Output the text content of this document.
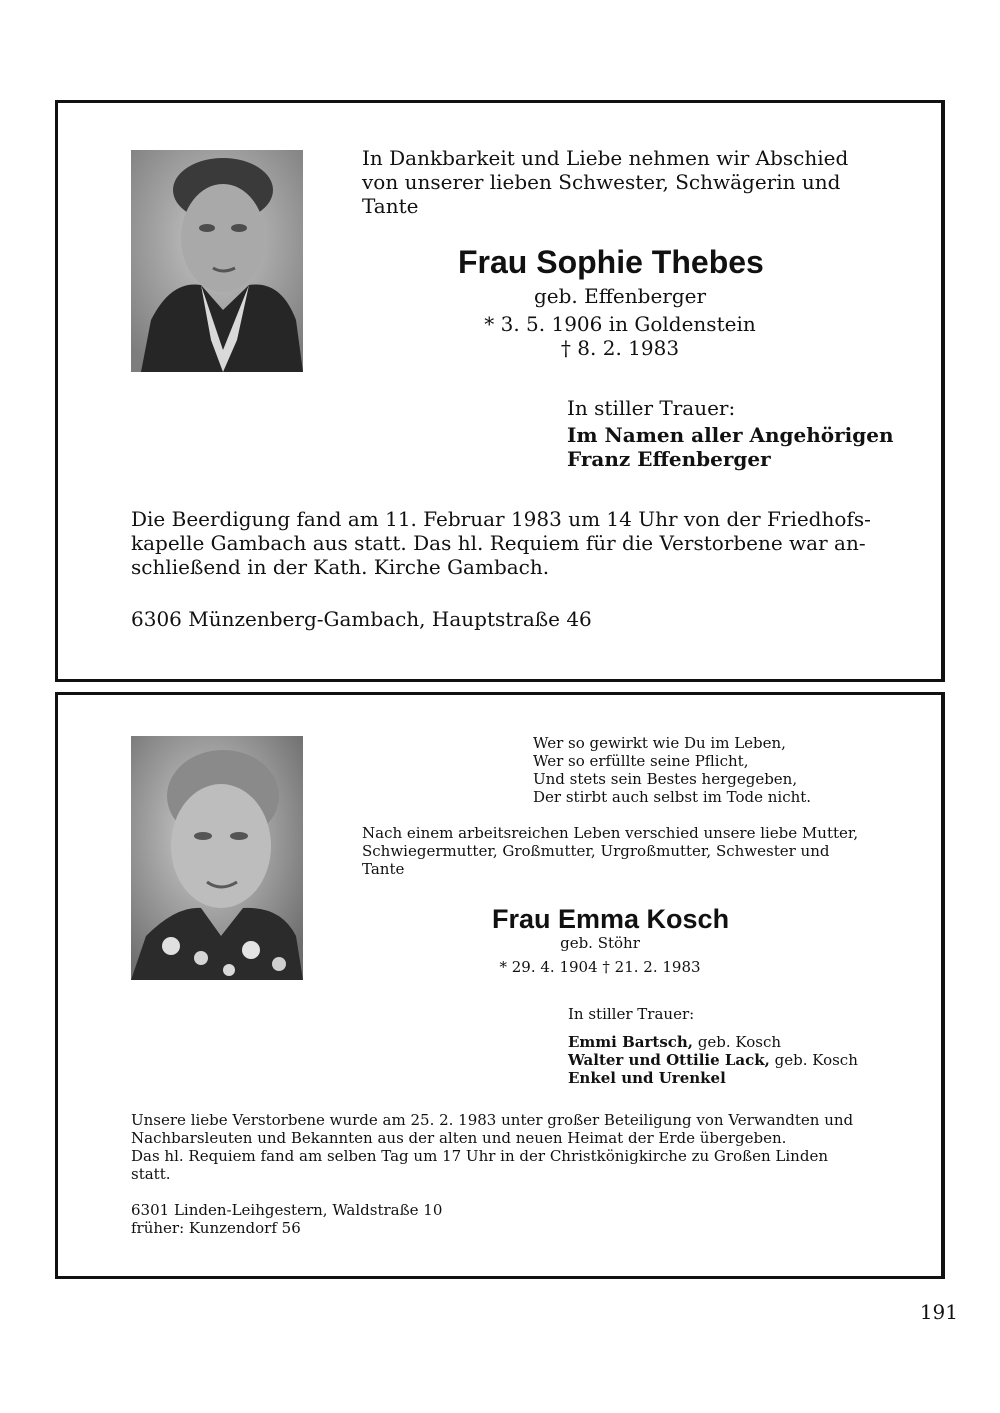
In Dankbarkeit und Liebe nehmen wir Abschied
von unserer lieben Schwester, Schwägerin und
Tante
Frau Sophie Thebes
geb. Effenberger
* 3. 5. 1906 in Goldenstein
† 8. 2. 1983
In stiller Trauer:
Im Namen aller Angehörigen
Franz Effenberger
Die Beerdigung fand am 11. Februar 1983 um 14 Uhr von der Friedhofs-
kapelle Gambach aus statt. Das hl. Requiem für die Verstorbene war an-
schließend in der Kath. Kirche Gambach.
6306 Münzenberg-Gambach, Hauptstraße 46
Wer so gewirkt wie Du im Leben,
Wer so erfüllte seine Pflicht,
Und stets sein Bestes hergegeben,
Der stirbt auch selbst im Tode nicht.
Nach einem arbeitsreichen Leben verschied unsere liebe Mutter,
Schwiegermutter, Großmutter, Urgroßmutter, Schwester und
Tante
Frau Emma Kosch
geb. Stöhr
* 29. 4. 1904 † 21. 2. 1983
In stiller Trauer:
Emmi Bartsch, geb. Kosch
Walter und Ottilie Lack, geb. Kosch
Enkel und Urenkel
Unsere liebe Verstorbene wurde am 25. 2. 1983 unter großer Beteiligung von Verwandten und
Nachbarsleuten und Bekannten aus der alten und neuen Heimat der Erde übergeben.
Das hl. Requiem fand am selben Tag um 17 Uhr in der Christkönigkirche zu Großen Linden
statt.
6301 Linden-Leihgestern, Waldstraße 10
früher: Kunzendorf 56
191
